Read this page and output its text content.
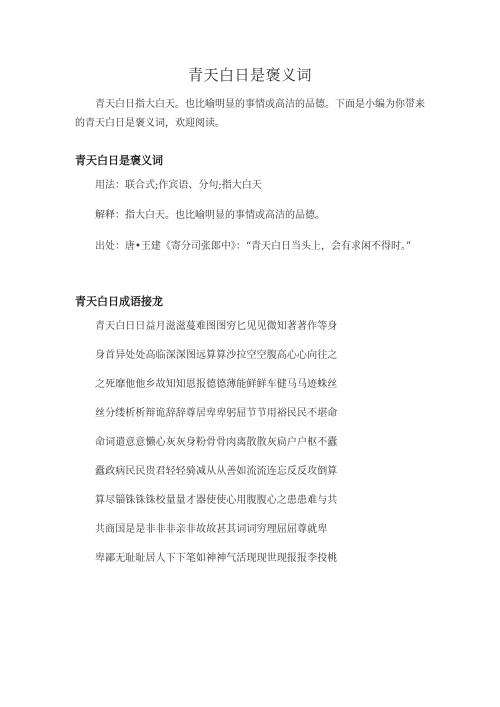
青天白日是褒义词

青天白日指大白天。也比喻明显的事情或高洁的品德。下面是小编为你带来的青天白日是褒义词，欢迎阅读。

青天白日是褒义词

用法：联合式;作宾语、分句;指大白天

解释：指大白天。也比喻明显的事情或高洁的品德。

出处：唐•王建《寄分司张郎中》：“青天白日当头上，会有求闲不得时。”

青天白日成语接龙
青天白日日益月滋滋蔓难图图穷匕见见微知著著作等身
身首异处处高临深深图远算算沙拉空空腹高心心向往之
之死靡他他乡故知知恩报德德薄能鲜鲜车健马马迹蛛丝
丝分缕析析辩诡辞辞尊居卑卑躬屈节节用裕民民不堪命
命词遣意意懒心灰灰身粉骨骨肉离散散灰扃户户枢不蠹
蠹政病民民贵君轻轻骑减从从善如流流连忘反反攻倒算
算尽锱铢铢铢校量量才器使使心用腹腹心之患患难与共
共商国是是非非非亲非故故甚其词词穷理屈屈尊就卑
卑鄙无耻耻居人下下笔如神神气活现现世现报报李投桃
